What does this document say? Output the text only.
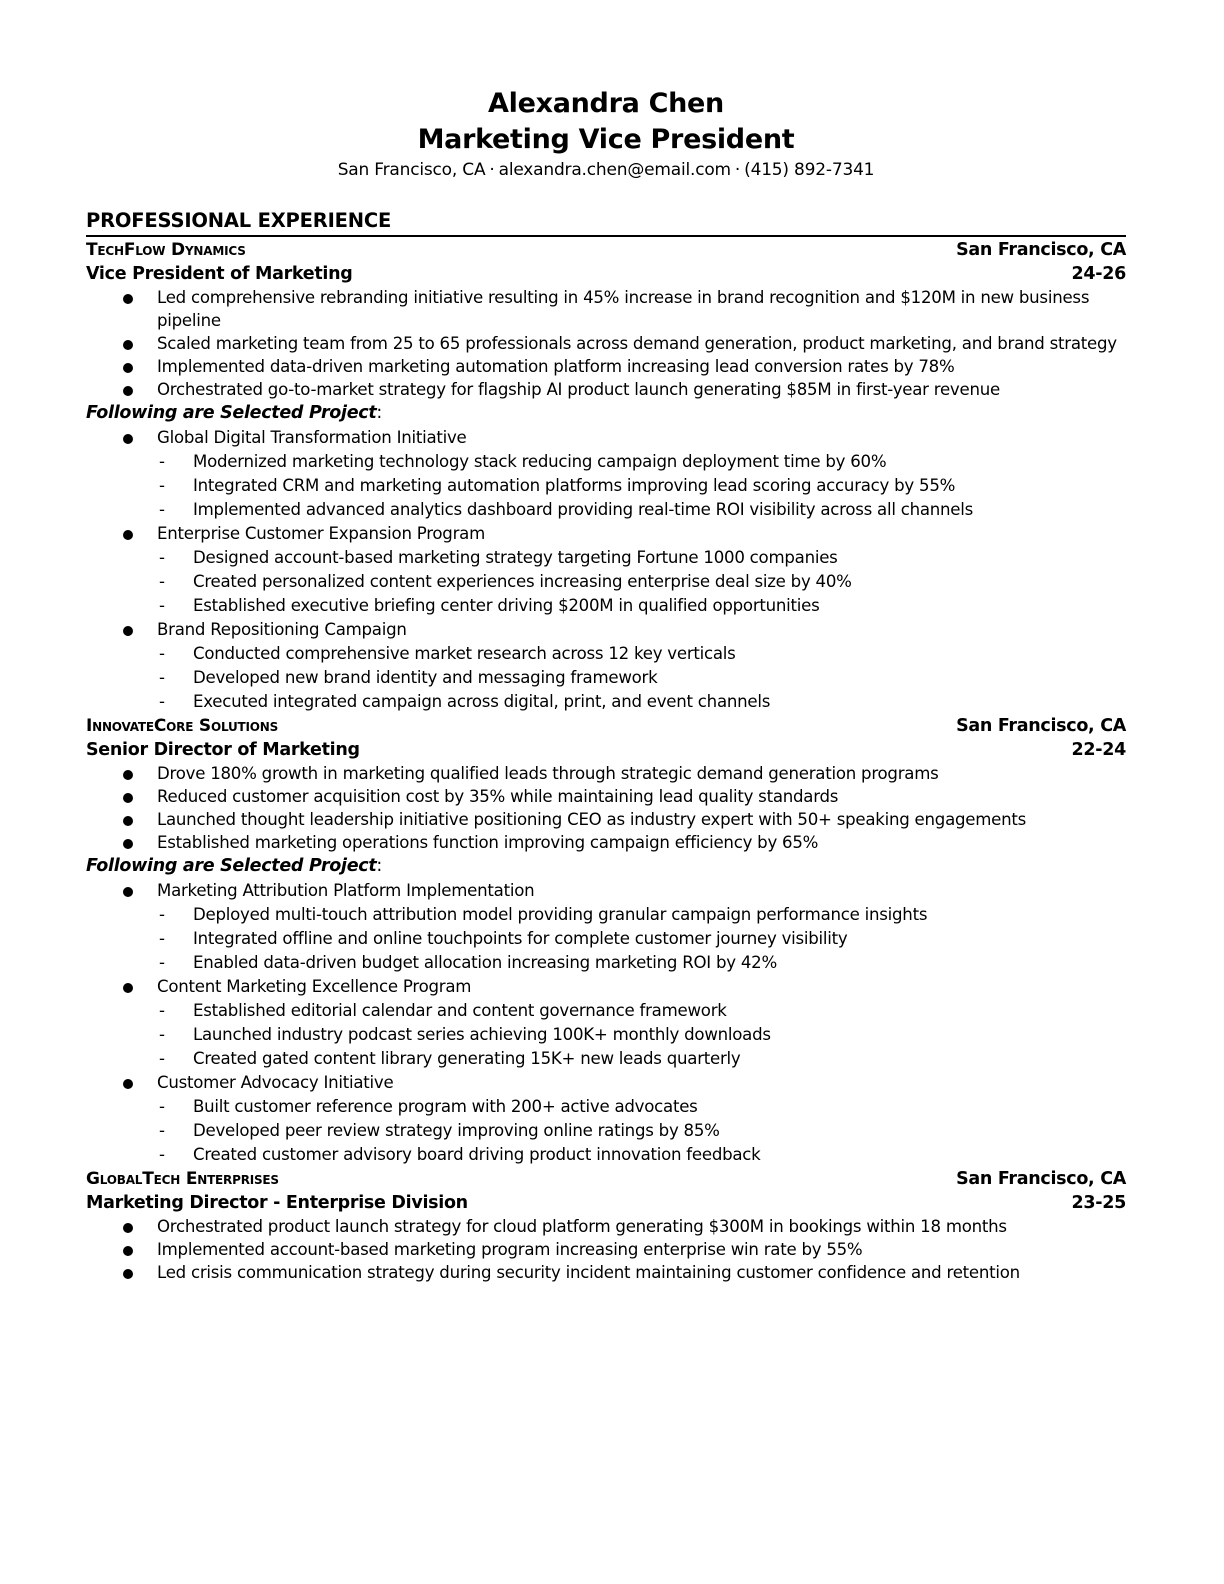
Alexandra Chen
Marketing Vice President
San Francisco, CA · alexandra.chen@email.com · (415) 892-7341
PROFESSIONAL EXPERIENCE
TechFlow Dynamics	San Francisco, CA
Vice President of Marketing	24-26
Led comprehensive rebranding initiative resulting in 45% increase in brand recognition and $120M in new business pipeline
Scaled marketing team from 25 to 65 professionals across demand generation, product marketing, and brand strategy
Implemented data-driven marketing automation platform increasing lead conversion rates by 78%
Orchestrated go-to-market strategy for flagship AI product launch generating $85M in first-year revenue
Following are Selected Project:
Global Digital Transformation Initiative
- Modernized marketing technology stack reducing campaign deployment time by 60%
- Integrated CRM and marketing automation platforms improving lead scoring accuracy by 55%
- Implemented advanced analytics dashboard providing real-time ROI visibility across all channels
Enterprise Customer Expansion Program
- Designed account-based marketing strategy targeting Fortune 1000 companies
- Created personalized content experiences increasing enterprise deal size by 40%
- Established executive briefing center driving $200M in qualified opportunities
Brand Repositioning Campaign
- Conducted comprehensive market research across 12 key verticals
- Developed new brand identity and messaging framework
- Executed integrated campaign across digital, print, and event channels
InnovateCore Solutions	San Francisco, CA
Senior Director of Marketing	22-24
Drove 180% growth in marketing qualified leads through strategic demand generation programs
Reduced customer acquisition cost by 35% while maintaining lead quality standards
Launched thought leadership initiative positioning CEO as industry expert with 50+ speaking engagements
Established marketing operations function improving campaign efficiency by 65%
Following are Selected Project:
Marketing Attribution Platform Implementation
- Deployed multi-touch attribution model providing granular campaign performance insights
- Integrated offline and online touchpoints for complete customer journey visibility
- Enabled data-driven budget allocation increasing marketing ROI by 42%
Content Marketing Excellence Program
- Established editorial calendar and content governance framework
- Launched industry podcast series achieving 100K+ monthly downloads
- Created gated content library generating 15K+ new leads quarterly
Customer Advocacy Initiative
- Built customer reference program with 200+ active advocates
- Developed peer review strategy improving online ratings by 85%
- Created customer advisory board driving product innovation feedback
GlobalTech Enterprises	San Francisco, CA
Marketing Director - Enterprise Division	23-25
Orchestrated product launch strategy for cloud platform generating $300M in bookings within 18 months
Implemented account-based marketing program increasing enterprise win rate by 55%
Led crisis communication strategy during security incident maintaining customer confidence and retention
